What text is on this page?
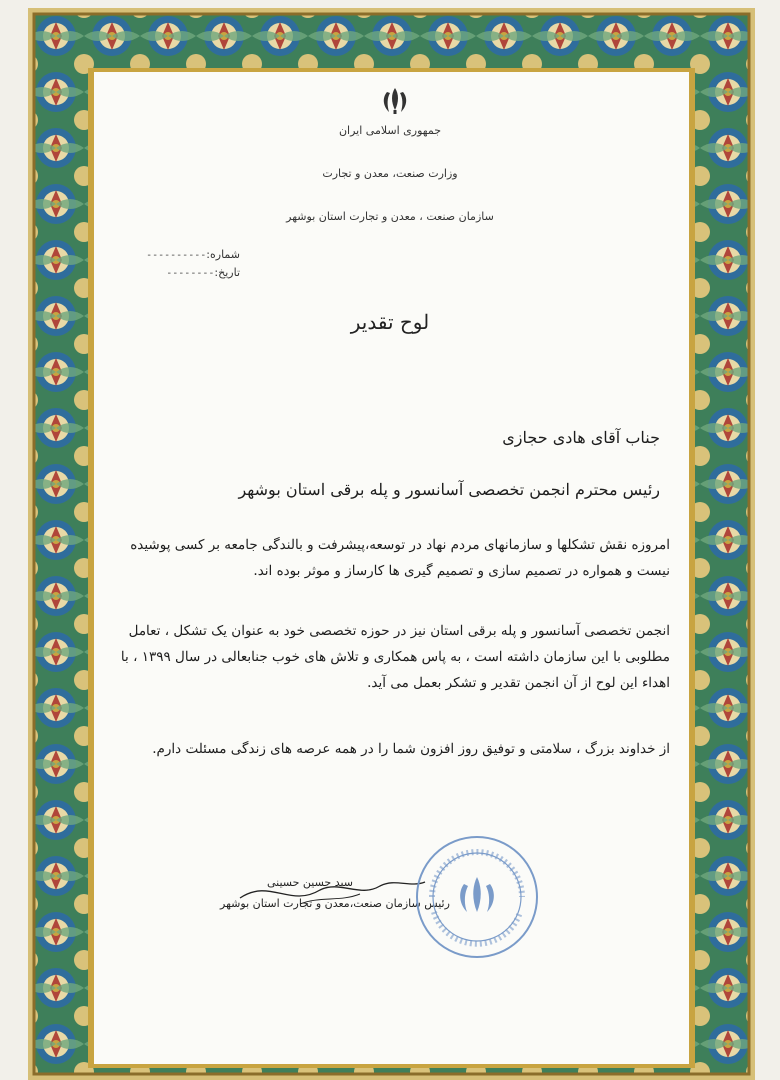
جمهوری اسلامی ایران
وزارت صنعت، معدن و تجارت
سازمان صنعت ، معدن و تجارت استان بوشهر
شماره:----------
تاریخ:--------
لوح تقدیر
جناب آقای هادی حجازی
رئیس محترم انجمن تخصصی آسانسور و پله برقی استان بوشهر
امروزه نقش تشکلها و سازمانهای مردم نهاد در توسعه،پیشرفت و بالندگی جامعه بر کسی پوشیده نیست و همواره در تصمیم سازی و تصمیم گیری ها کارساز و موثر بوده اند.
انجمن تخصصی آسانسور و پله برقی استان نیز در حوزه تخصصی خود به عنوان یک تشکل ، تعامل مطلوبی با این سازمان داشته است ، به پاس همکاری و تلاش های خوب جنابعالی در سال ۱۳۹۹ ، با اهداء این لوح از آن انجمن تقدیر و تشکر بعمل می آید.
از خداوند بزرگ ، سلامتی و توفیق روز افزون شما را در همه عرصه های زندگی مسئلت دارم.
سید حسین حسینی
رئیس سازمان صنعت،معدن و تجارت استان بوشهر
